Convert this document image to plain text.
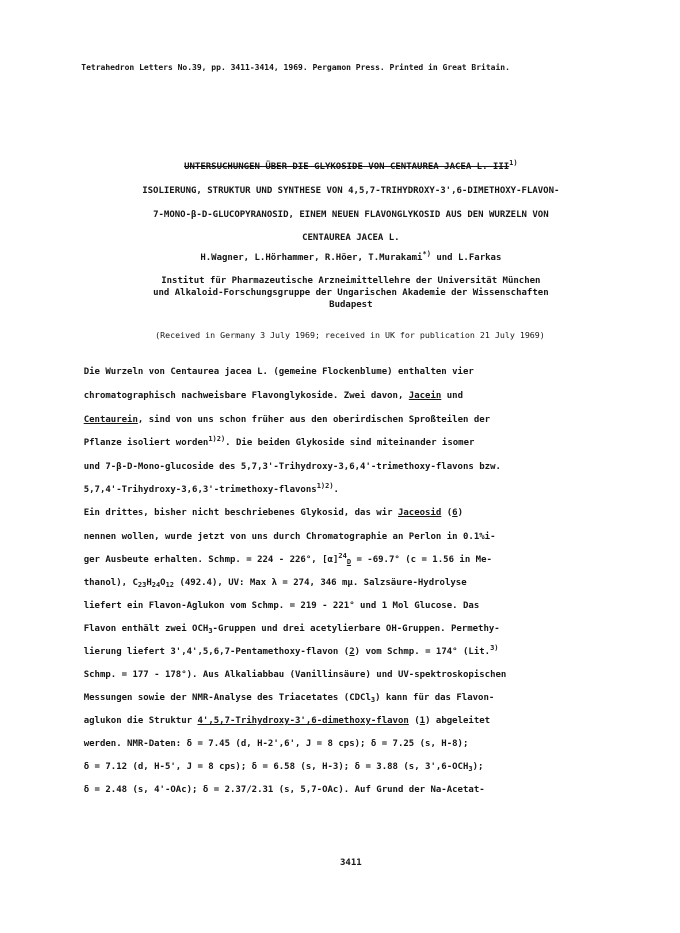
Tetrahedron Letters No.39, pp. 3411-3414, 1969. Pergamon Press. Printed in Great Britain.

UNTERSUCHUNGEN ÜBER DIE GLYKOSIDE VON CENTAUREA JACEA L. III$^{1)}$

ISOLIERUNG, STRUKTUR UND SYNTHESE VON 4,5,7-TRIHYDROXY-3',6-DIMETHOXY-FLAVON-

7-MONO-β-D-GLUCOPYRANOSID, EINEM NEUEN FLAVONGLYKOSID AUS DEN WURZELN VON

CENTAUREA JACEA L.

H.Wagner, L.Hörhammer, R.Höer, T.Murakami*) und L.Farkas

Institut für Pharmazeutische Arzneimittellehre der Universität München

und Alkaloid-Forschungsgruppe der Ungarischen Akademie der Wissenschaften

Budapest

(Received in Germany 3 July 1969; received in UK for publication 21 July 1969)

Die Wurzeln von Centaurea jacea L. (gemeine Flockenblume) enthalten vier

chromatographisch nachweisbare Flavonglykoside. Zwei davon, Jacein und

Centaurein, sind von uns schon früher aus den oberirdischen Sproßteilen der

Pflanze isoliert worden$^{1)2)}$. Die beiden Glykoside sind miteinander isomer

und 7-β-D-Mono-glucoside des 5,7,3'-Trihydroxy-3,6,4'-trimethoxy-flavons bzw.

5,7,4'-Trihydroxy-3,6,3'-trimethoxy-flavons$^{1)2)}$.

Ein drittes, bisher nicht beschriebenes Glykosid, das wir Jaceosid (6)

nennen wollen, wurde jetzt von uns durch Chromatographie an Perlon in 0.1%i-

ger Ausbeute erhalten. Schmp. = 224 - 226°, $[\alpha]^{24}_D = -69.7^\circ$ (c = 1.56 in Me-

thanol), $C_{23}H_{24}O_{12}$ (492.4), UV: Max λ = 274, 346 mμ. Salzsäure-Hydrolyse

liefert ein Flavon-Aglukon vom Schmp. = 219 - 221° und 1 Mol Glucose. Das

Flavon enthält zwei $OCH_3$-Gruppen und drei acetylierbare OH-Gruppen. Permethy-

lierung liefert 3',4',5,6,7-Pentamethoxy-flavon (2) vom Schmp. = 174° (Lit.$^{3)}$

Schmp. = 177 - 178°). Aus Alkaliabbau (Vanillinsäure) und UV-spektroskopischen

Messungen sowie der NMR-Analyse des Triacetates (CDCl$_3$) kann für das Flavon-

aglukon die Struktur 4',5,7-Trihydroxy-3',6-dimethoxy-flavon (1) abgeleitet

werden. NMR-Daten: δ = 7.45 (d, H-2',6', J = 8 cps); δ = 7.25 (s, H-8);

δ = 7.12 (d, H-5', J = 8 cps); δ = 6.58 (s, H-3); δ = 3.88 (s, $3',6-OCH_3$);

δ = 2.48 (s, 4'-OAc); δ = 2.37/2.31 (s, 5,7-OAc). Auf Grund der Na-Acetat-

3411
